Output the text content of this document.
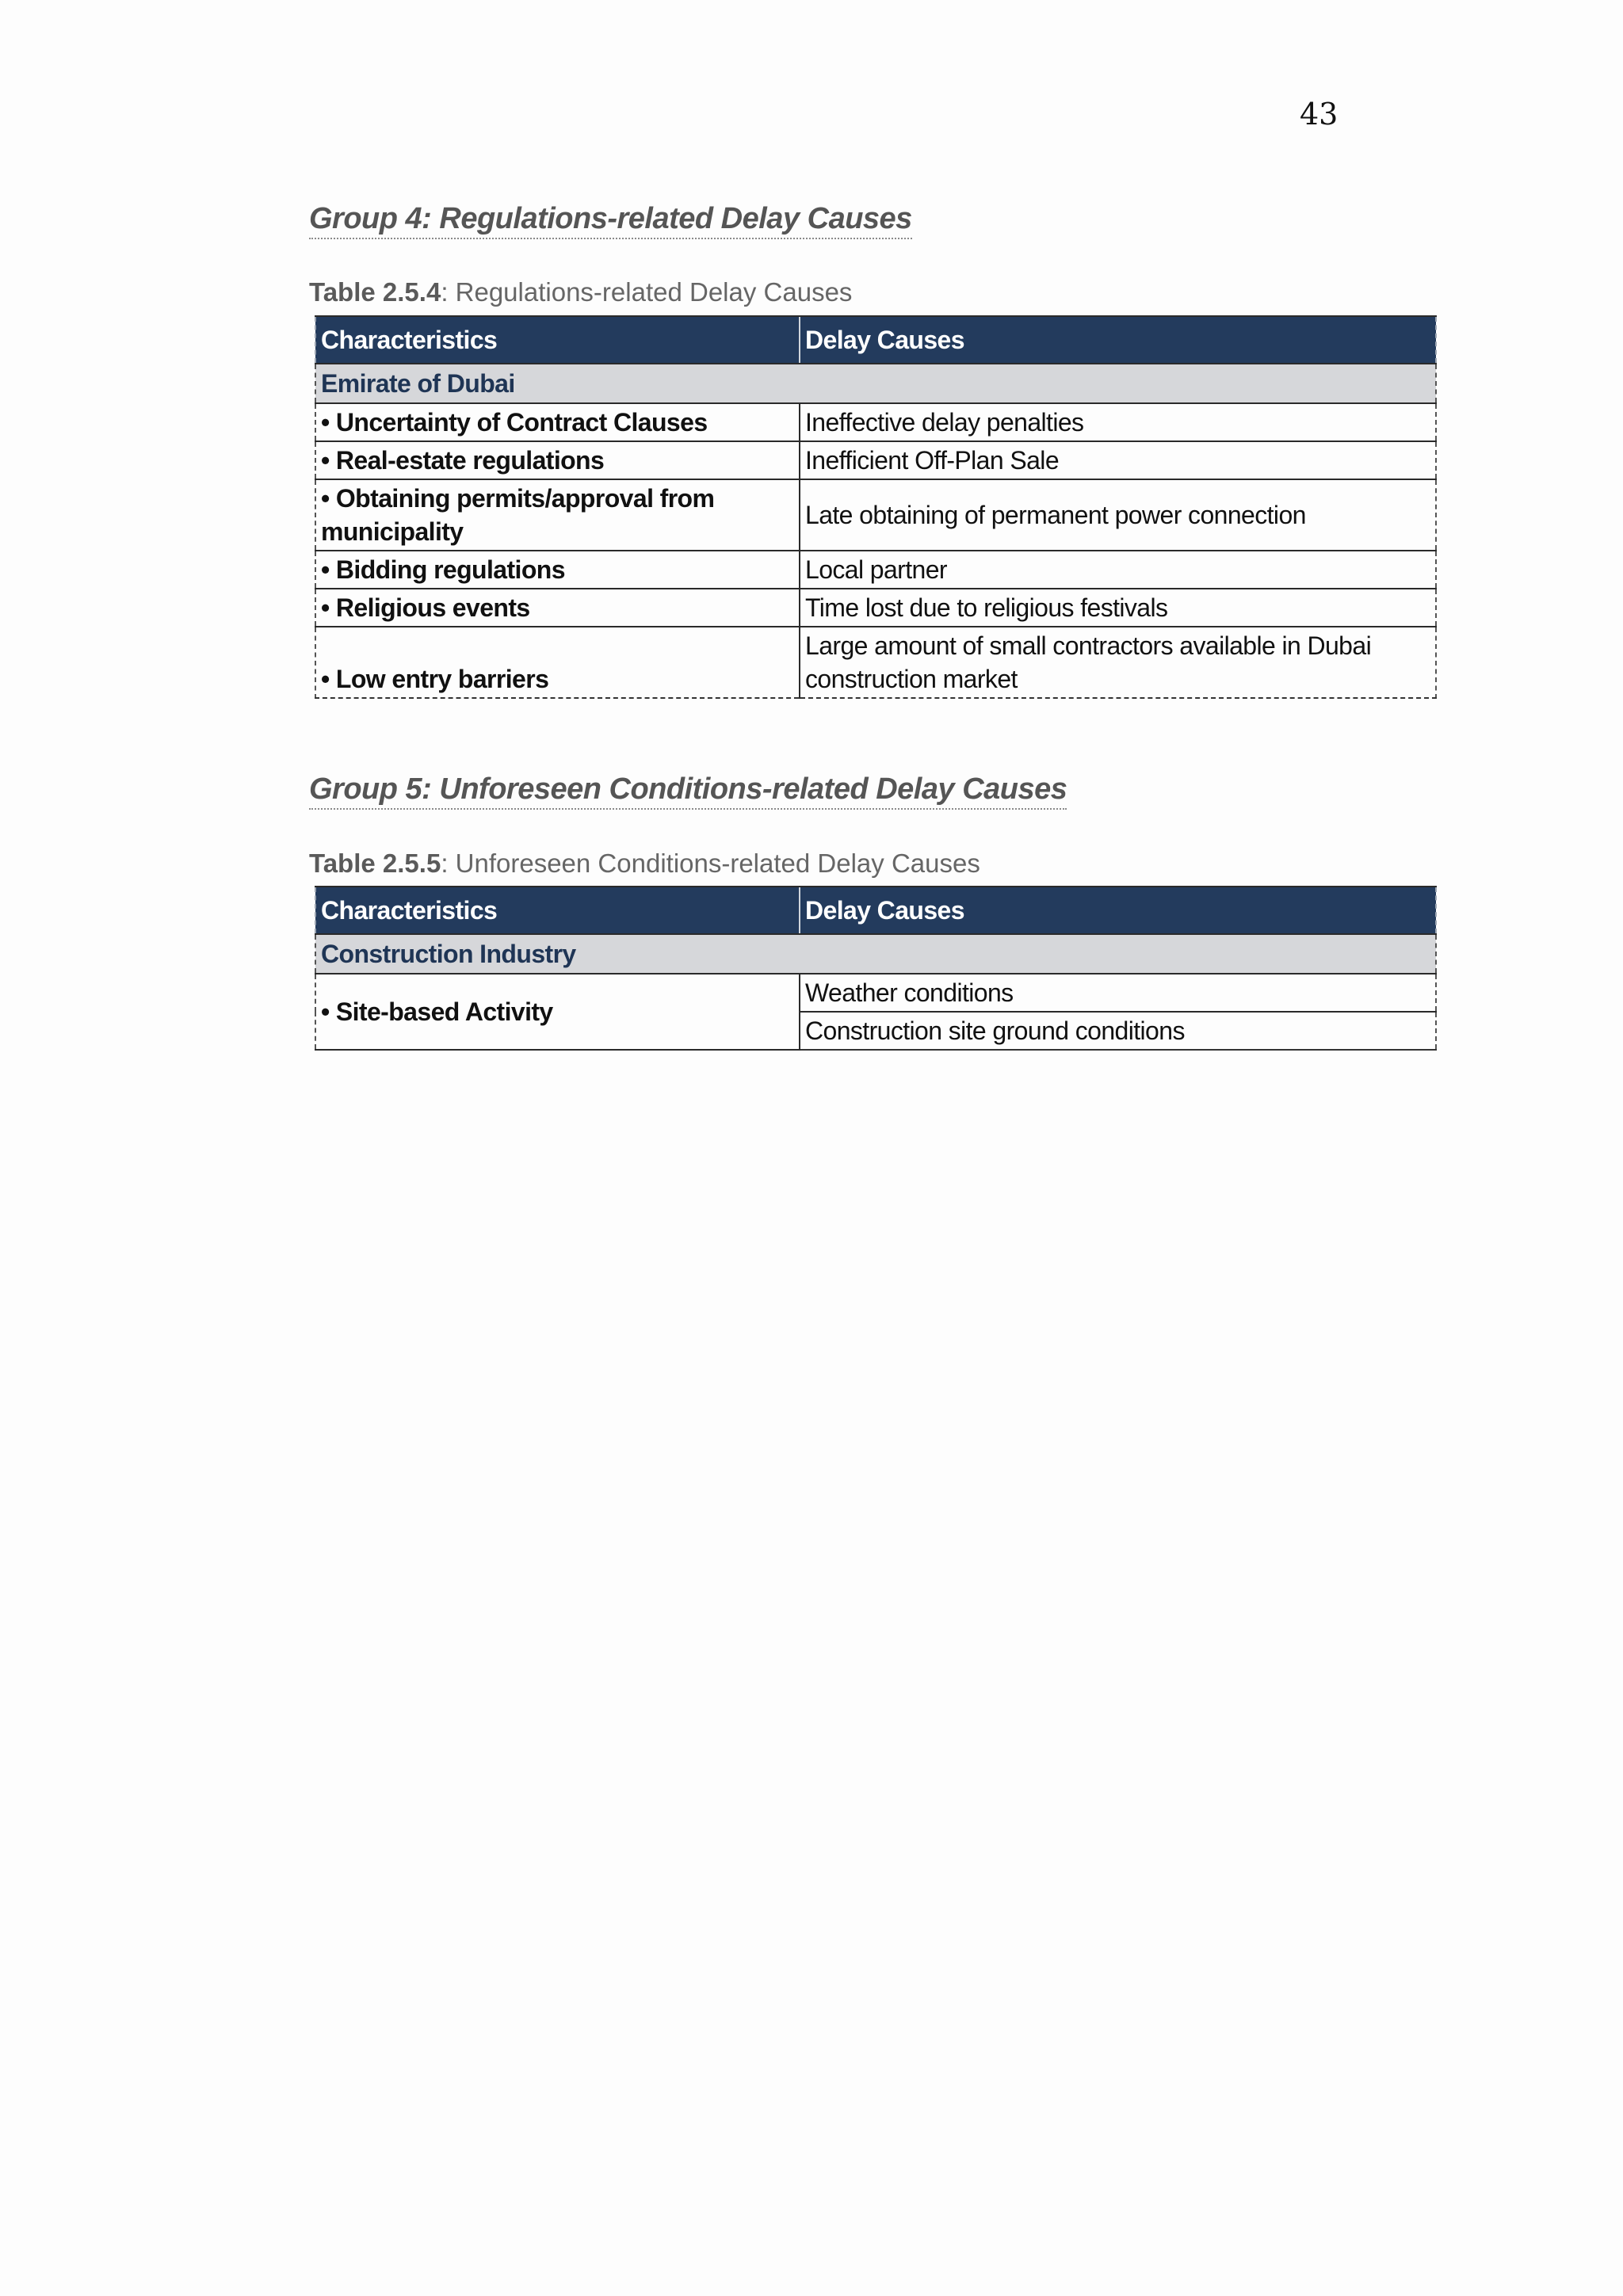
43
Group 4: Regulations-related Delay Causes
Table 2.5.4: Regulations-related Delay Causes
Characteristics	Delay Causes
Emirate of Dubai	
• Uncertainty of Contract Clauses	Ineffective delay penalties
• Real-estate regulations	Inefficient Off-Plan Sale
• Obtaining permits/approval from municipality	Late obtaining of permanent power connection
• Bidding regulations	Local partner
• Religious events	Time lost due to religious festivals
• Low entry barriers	Large amount of small contractors available in Dubai construction market
Group 5: Unforeseen Conditions-related Delay Causes
Table 2.5.5: Unforeseen Conditions-related Delay Causes
Characteristics	Delay Causes
Construction Industry	
• Site-based Activity	Weather conditions
	Construction site ground conditions
